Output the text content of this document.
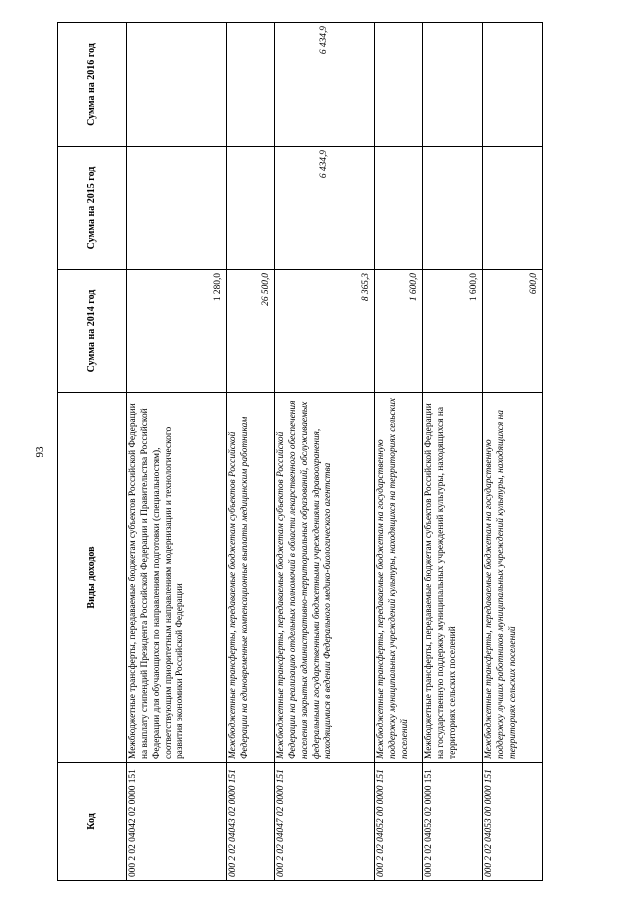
93
Код	Виды доходов	Сумма на 2014 год	Сумма на 2015 год	Сумма на 2016 год
000 2 02 04042 02 0000 151	Межбюджетные трансферты, передаваемые бюджетам субъектов Российской Федерации на выплату стипендий Президента Российской Федерации и Правительства Российской Федерации для обучающихся по направлениям подготовки (специальностям), соответствующим приоритетным направлениям модернизации и технологического развития экономики Российской Федерации	1 280,0		
000 2 02 04043 02 0000 151	Межбюджетные трансферты, передаваемые бюджетам субъектов Российской Федерации на единовременные компенсационные выплаты медицинским работникам	26 500,0		
000 2 02 04047 02 0000 151	Межбюджетные трансферты, передаваемые бюджетам субъектов Российской Федерации на реализацию отдельных полномочий в области лекарственного обеспечения населения закрытых административно-территориальных образований, обслуживаемых федеральными государственными бюджетными учреждениями здравоохранения, находящимися в ведении Федерального медико-биологического агентства	8 365,3	6 434,9	6 434,9
000 2 02 04052 00 0000 151	Межбюджетные трансферты, передаваемые бюджетам на государственную поддержку муниципальных учреждений культуры, находящихся на территориях сельских поселений	1 600,0		
000 2 02 04052 02 0000 151	Межбюджетные трансферты, передаваемые бюджетам субъектов Российской Федерации на государственную поддержку муниципальных учреждений культуры, находящихся на территориях сельских поселений	1 600,0		
000 2 02 04053 00 0000 151	Межбюджетные трансферты, передаваемые бюджетам на государственную поддержку лучших работников муниципальных учреждений культуры, находящихся на территориях сельских поселений	600,0		
